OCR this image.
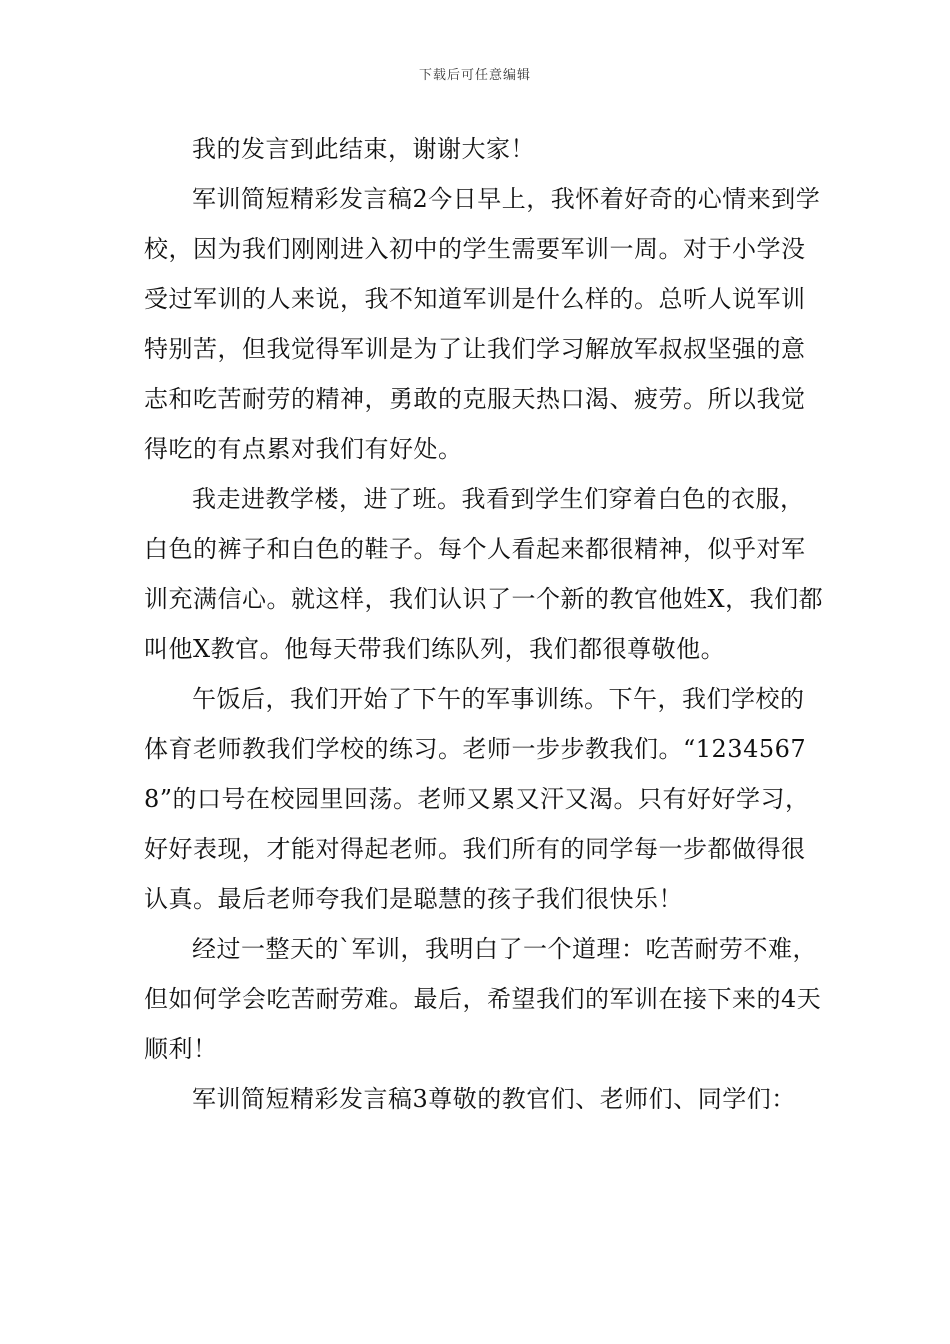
下载后可任意编辑

我的发言到此结束，谢谢大家！

军训简短精彩发言稿2今日早上，我怀着好奇的心情来到学校，因为我们刚刚进入初中的学生需要军训一周。对于小学没受过军训的人来说，我不知道军训是什么样的。总听人说军训特别苦，但我觉得军训是为了让我们学习解放军叔叔坚强的意志和吃苦耐劳的精神，勇敢的克服天热口渴、疲劳。所以我觉得吃的有点累对我们有好处。

我走进教学楼，进了班。我看到学生们穿着白色的衣服，白色的裤子和白色的鞋子。每个人看起来都很精神，似乎对军训充满信心。就这样，我们认识了一个新的教官他姓X，我们都叫他X教官。他每天带我们练队列，我们都很尊敬他。

午饭后，我们开始了下午的军事训练。下午，我们学校的体育老师教我们学校的练习。老师一步步教我们。“12345678”的口号在校园里回荡。老师又累又汗又渴。只有好好学习，好好表现，才能对得起老师。我们所有的同学每一步都做得很认真。最后老师夸我们是聪慧的孩子我们很快乐！

经过一整天的`军训，我明白了一个道理：吃苦耐劳不难，但如何学会吃苦耐劳难。最后，希望我们的军训在接下来的4天顺利！

军训简短精彩发言稿3尊敬的教官们、老师们、同学们：
